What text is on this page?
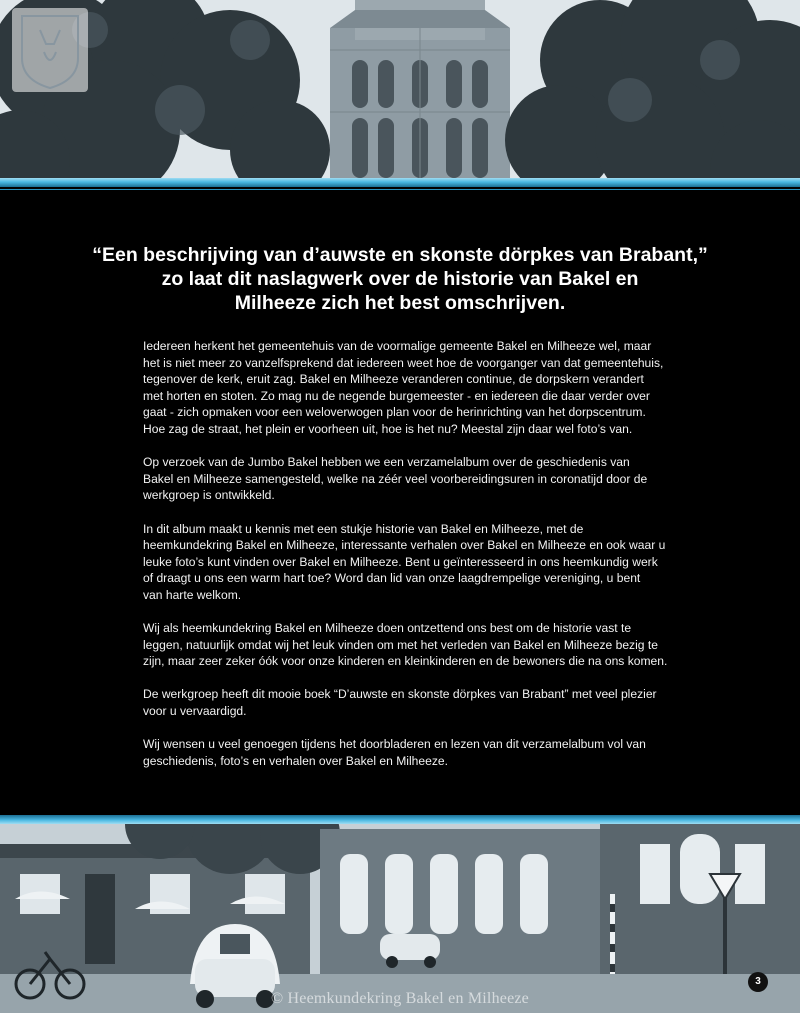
“Een beschrijving van d’auwste en skonste dörpkes van Brabant,”
zo laat dit naslagwerk over de historie van Bakel en
Milheeze zich het best omschrijven.

Iedereen herkent het gemeentehuis van de voormalige gemeente Bakel en Milheeze wel, maar
het is niet meer zo vanzelfsprekend dat iedereen weet hoe de voorganger van dat gemeentehuis,
tegenover de kerk, eruit zag. Bakel en Milheeze veranderen continue, de dorpskern verandert
met horten en stoten. Zo mag nu de negende burgemeester - en iedereen die daar verder over
gaat - zich opmaken voor een weloverwogen plan voor de herinrichting van het dorpscentrum.
Hoe zag de straat, het plein er voorheen uit, hoe is het nu? Meestal zijn daar wel foto’s van.

Op verzoek van de Jumbo Bakel hebben we een verzamelalbum over de geschiedenis van
Bakel en Milheeze samengesteld, welke na zéér veel voorbereidingsuren in coronatijd door de
werkgroep is ontwikkeld.

In dit album maakt u kennis met een stukje historie van Bakel en Milheeze, met de
heemkundekring Bakel en Milheeze, interessante verhalen over Bakel en Milheeze en ook waar u
leuke foto’s kunt vinden over Bakel en Milheeze. Bent u geïnteresseerd in ons heemkundig werk
of draagt u ons een warm hart toe? Word dan lid van onze laagdrempelige vereniging, u bent
van harte welkom.

Wij als heemkundekring Bakel en Milheeze doen ontzettend ons best om de historie vast te
leggen, natuurlijk omdat wij het leuk vinden om met het verleden van Bakel en Milheeze bezig te
zijn, maar zeer zeker óók voor onze kinderen en kleinkinderen en de bewoners die na ons komen.

De werkgroep heeft dit mooie boek “D’auwste en skonste dörpkes van Brabant” met veel plezier
voor u vervaardigd.

Wij wensen u veel genoegen tijdens het doorbladeren en lezen van dit verzamelalbum vol van
geschiedenis, foto’s en verhalen over Bakel en Milheeze.

3
© Heemkundekring Bakel en Milheeze
